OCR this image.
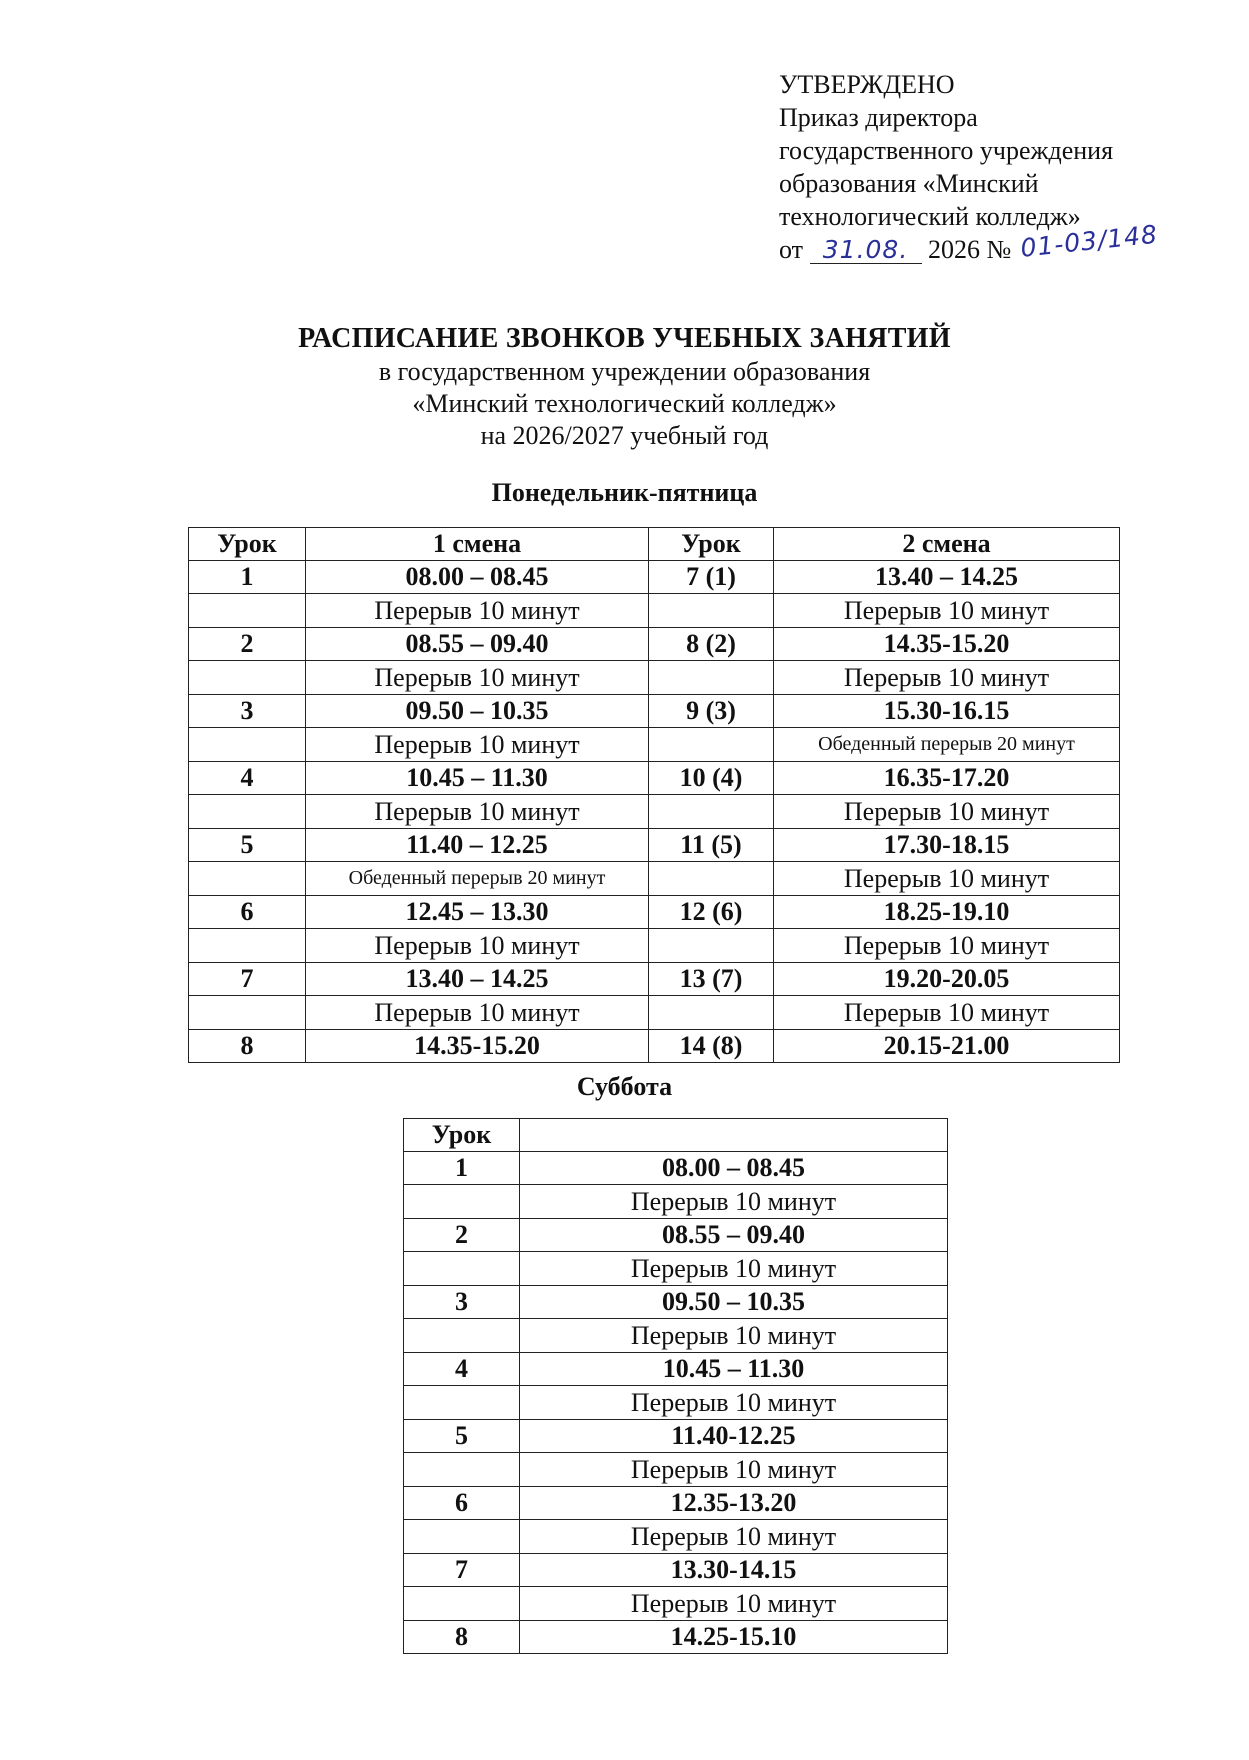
УТВЕРЖДЕНО
Приказ директора
государственного учреждения
образования «Минский
технологический колледж»
от 31.08. 2026 № 01-03/148
РАСПИСАНИЕ ЗВОНКОВ УЧЕБНЫХ ЗАНЯТИЙ
в государственном учреждении образования
«Минский технологический колледж»
на 2026/2027 учебный год
Понедельник-пятница
Урок	1 смена	Урок	2 смена
1	08.00 – 08.45	7 (1)	13.40 – 14.25
	Перерыв 10 минут		Перерыв 10 минут
2	08.55 – 09.40	8 (2)	14.35-15.20
	Перерыв 10 минут		Перерыв 10 минут
3	09.50 – 10.35	9 (3)	15.30-16.15
	Перерыв 10 минут		Обеденный перерыв 20 минут
4	10.45 – 11.30	10 (4)	16.35-17.20
	Перерыв 10 минут		Перерыв 10 минут
5	11.40 – 12.25	11 (5)	17.30-18.15
	Обеденный перерыв 20 минут		Перерыв 10 минут
6	12.45 – 13.30	12 (6)	18.25-19.10
	Перерыв 10 минут		Перерыв 10 минут
7	13.40 – 14.25	13 (7)	19.20-20.05
	Перерыв 10 минут		Перерыв 10 минут
8	14.35-15.20	14 (8)	20.15-21.00
Суббота
Урок	
1	08.00 – 08.45
	Перерыв 10 минут
2	08.55 – 09.40
	Перерыв 10 минут
3	09.50 – 10.35
	Перерыв 10 минут
4	10.45 – 11.30
	Перерыв 10 минут
5	11.40-12.25
	Перерыв 10 минут
6	12.35-13.20
	Перерыв 10 минут
7	13.30-14.15
	Перерыв 10 минут
8	14.25-15.10
